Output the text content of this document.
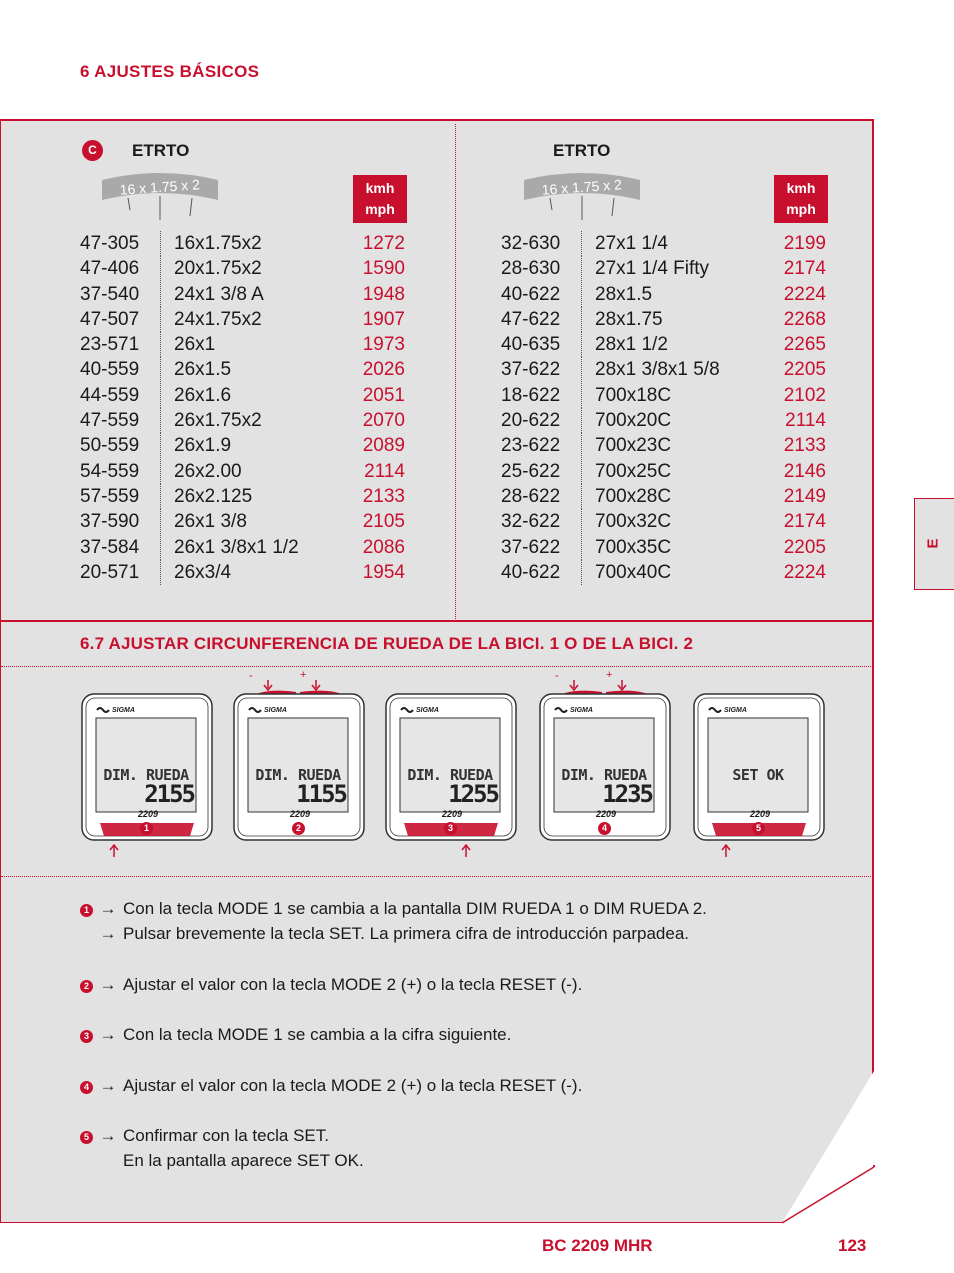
6 AJUSTES BÁSICOS
C	ETRTO	ETRTO
16 x 1.75 x 2	16 x 1.75 x 2
kmh
mph
kmh
mph
47-305 16x1.75x2	1272
47-406 20x1.75x2	1590
37-540 24x1 3/8 A	1948
47-507 24x1.75x2	1907
23-571 26x1	1973
40-559 26x1.5	2026
44-559 26x1.6	2051
47-559 26x1.75x2	2070
50-559 26x1.9	2089
54-559 26x2.00	2114
57-559 26x2.125	2133
37-590 26x1 3/8	2105
37-584 26x1 3/8x1 1/2	2086
20-571 26x3/4	1954
32-630 27x1 1/4	2199
28-630 27x1 1/4 Fifty	2174
40-622 28x1.5	2224
47-622 28x1.75	2268
40-635 28x1 1/2	2265
37-622 28x1 3/8x1 5/8	2205
18-622 700x18C	2102
20-622 700x20C	2114
23-622 700x23C	2133
25-622 700x25C	2146
28-622 700x28C	2149
32-622 700x32C	2174
37-622 700x35C	2205
40-622 700x40C	2224
6.7 AJUSTAR CIRCUNFERENCIA DE RUEDA DE LA BICI. 1 O DE LA BICI. 2
SIGMA
DIM. RUEDA
2155
2209
1
SIGMA
DIM. RUEDA
1155
2209
2
-	+
SIGMA
DIM. RUEDA
1255
2209
3
SIGMA
DIM. RUEDA
1235
2209
4
-	+
SIGMA
SET OK
2209
5
1 → Con la tecla MODE 1 se cambia a la pantalla DIM RUEDA 1 o DIM RUEDA 2.
→ Pulsar brevemente la tecla SET. La primera cifra de introducción parpadea.
2 → Ajustar el valor con la tecla MODE 2 (+) o la tecla RESET (-).
3 → Con la tecla MODE 1 se cambia a la cifra siguiente.
4 → Ajustar el valor con la tecla MODE 2 (+) o la tecla RESET (-).
5 → Confirmar con la tecla SET.
En la pantalla aparece SET OK.
E
BC 2209 MHR	123
